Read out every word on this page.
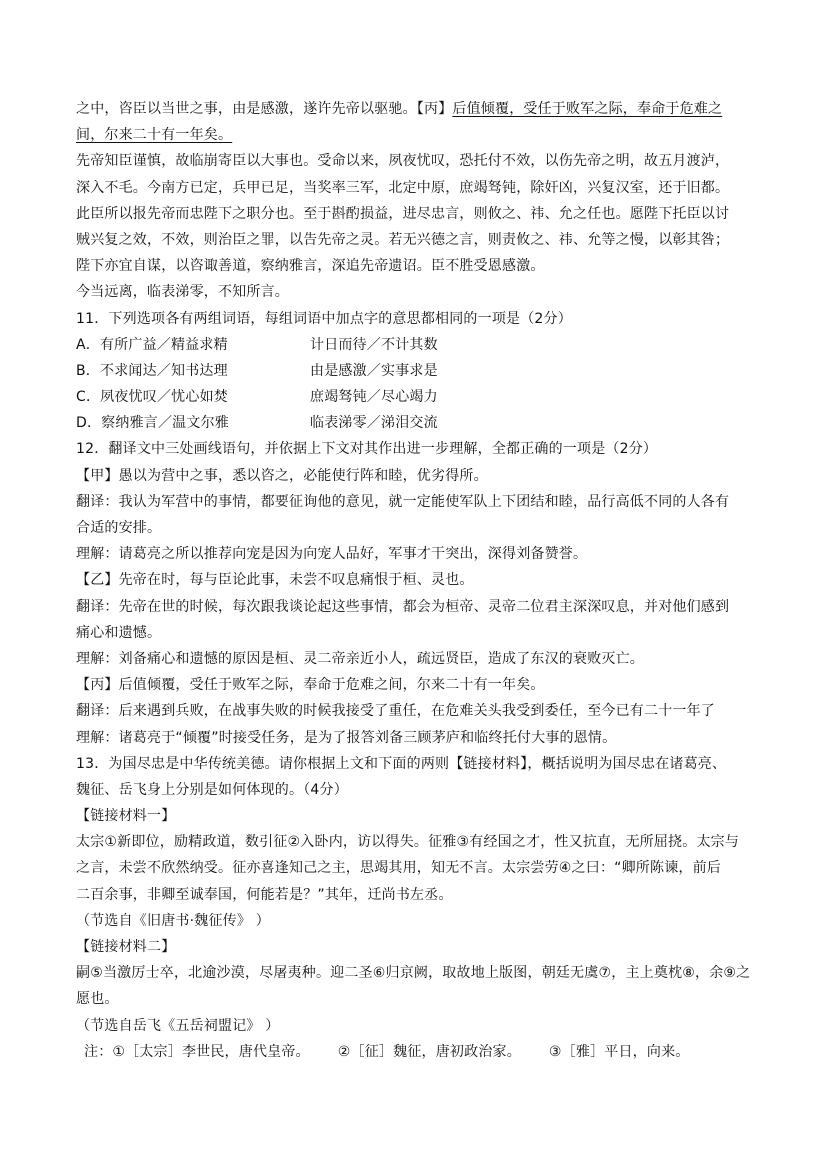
之中，咨臣以当世之事，由是感激，遂许先帝以驱驰。【丙】后值倾覆，受任于败军之际，奉命于危难之
间，尔来二十有一年矣。
先帝知臣谨慎，故临崩寄臣以大事也。受命以来，夙夜忧叹，恐托付不效，以伤先帝之明，故五月渡泸，
深入不毛。今南方已定，兵甲已足，当奖率三军，北定中原，庶竭驽钝，除奸凶，兴复汉室，还于旧都。
此臣所以报先帝而忠陛下之职分也。至于斟酌损益，进尽忠言，则攸之、祎、允之任也。愿陛下托臣以讨
贼兴复之效，不效，则治臣之罪，以告先帝之灵。若无兴德之言，则责攸之、祎、允等之慢，以彰其咎；
陛下亦宜自谋，以咨诹善道，察纳雅言，深追先帝遗诏。臣不胜受恩感激。
今当远离，临表涕零，不知所言。
11．下列选项各有两组词语，每组词语中加点字的意思都相同的一项是（2分）
A．有所广益／精益求精	计日而待／不计其数
B．不求闻达／知书达理	由是感激／实事求是
C．夙夜忧叹／忧心如焚	庶竭驽钝／尽心竭力
D．察纳雅言／温文尔雅	临表涕零／涕泪交流
12．翻译文中三处画线语句，并依据上下文对其作出进一步理解，全都正确的一项是（2分）
【甲】愚以为营中之事，悉以咨之，必能使行阵和睦，优劣得所。
翻译：我认为军营中的事情，都要征询他的意见，就一定能使军队上下团结和睦，品行高低不同的人各有
合适的安排。
理解：请葛亮之所以推荐向宠是因为向宠人品好，军事才干突出，深得刘备赞誉。
【乙】先帝在时，每与臣论此事，未尝不叹息痛恨于桓、灵也。
翻译：先帝在世的时候，每次跟我谈论起这些事情，都会为桓帝、灵帝二位君主深深叹息，并对他们感到
痛心和遗憾。
理解：刘备痛心和遗憾的原因是桓、灵二帝亲近小人，疏远贤臣，造成了东汉的衰败灭亡。
【丙】后值倾覆，受任于败军之际，奉命于危难之间，尔来二十有一年矣。
翻译：后来遇到兵败，在战事失败的时候我接受了重任，在危难关头我受到委任，至今已有二十一年了
理解：诸葛亮于“倾覆”时接受任务，是为了报答刘备三顾茅庐和临终托付大事的恩情。
13．为国尽忠是中华传统美德。请你根据上文和下面的两则【链接材料】，概括说明为国尽忠在诸葛亮、
魏征、岳飞身上分别是如何体现的。（4分）
【链接材料一】
太宗①新即位，励精政道，数引征②入卧内，访以得失。征雅③有经国之才，性又抗直，无所屈挠。太宗与
之言，未尝不欣然纳受。征亦喜逢知己之主，思竭其用，知无不言。太宗尝劳④之曰：“卿所陈谏，前后
二百余事，非卿至诚奉国，何能若是？”其年，迁尚书左丞。
（节选自《旧唐书·魏征传》 ）
【链接材料二】
嗣⑤当激厉士卒，北逾沙漠，尽屠夷种。迎二圣⑥归京阙，取故地上版图，朝廷无虞⑦，主上奠枕⑧，余⑨之
愿也。
（节选自岳飞《五岳祠盟记》 ）
注：①［太宗］李世民，唐代皇帝。 ②［征］魏征，唐初政治家。 ③［雅］平日，向来。
